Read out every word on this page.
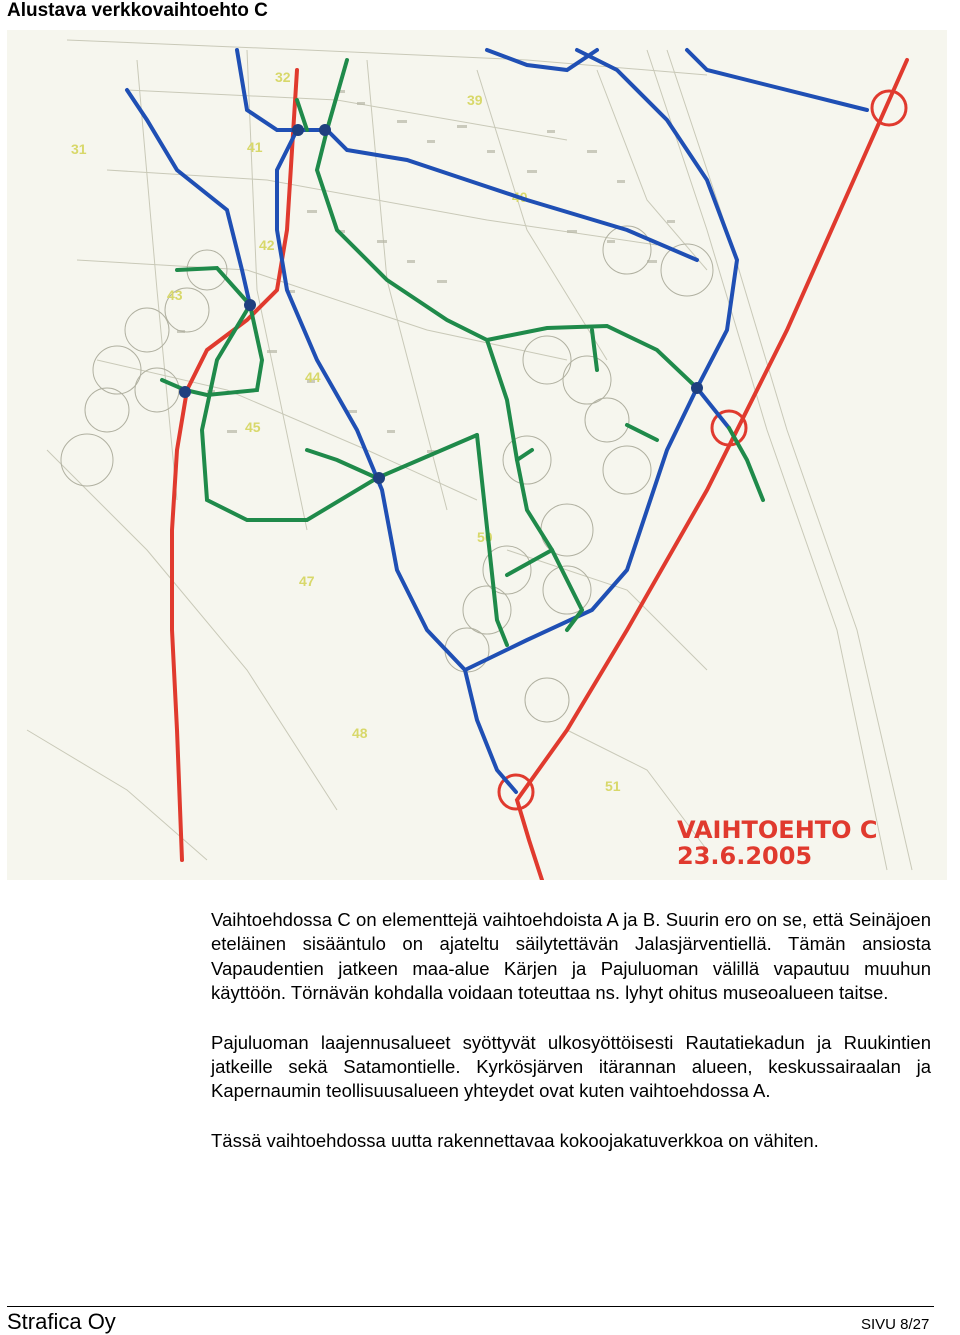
Alustava verkkovaihtoehto C
31
32
39
40
41
42
43
44
45
47
48
50
51
VAIHTOEHTO C
23.6.2005

Vaihtoehdossa C on elementtejä vaihtoehdoista A ja B. Suurin ero on se, että Seinäjoen eteläinen sisääntulo on ajateltu säilytettävän Jalasjärventiellä. Tämän ansiosta Vapaudentien jatkeen maa-alue Kärjen ja Pajuluoman välillä vapautuu muuhun käyttöön. Törnävän kohdalla voidaan toteuttaa ns. lyhyt ohitus museoalueen taitse.

Pajuluoman laajennusalueet syöttyvät ulkosyöttöisesti Rautatiekadun ja Ruukintien jatkeille sekä Satamontielle. Kyrkösjärven itärannan alueen, keskussairaalan ja Kapernaumin teollisuusalueen yhteydet ovat kuten vaihtoehdossa A.

Tässä vaihtoehdossa uutta rakennettavaa kokoojakatuverkkoa on vähiten.

Strafica Oy	SIVU 8/27
